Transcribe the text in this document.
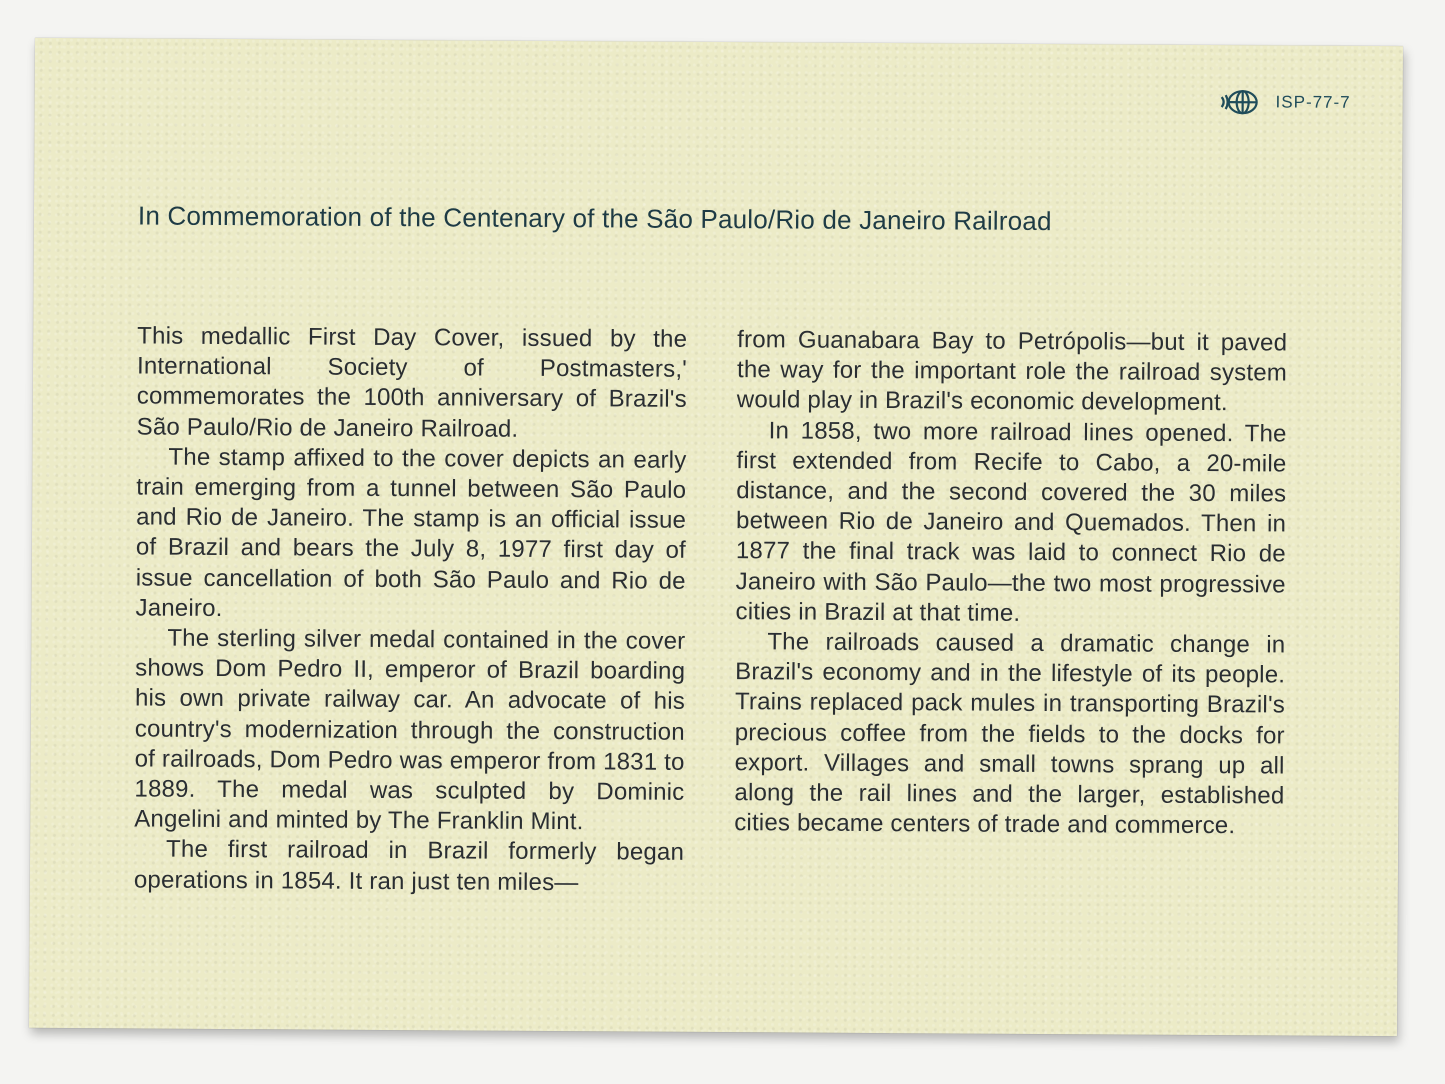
ISP-77-7
In Commemoration of the Centenary of the São Paulo/Rio de Janeiro Railroad

This medallic First Day Cover, issued by the International Society of Postmasters,' commemorates the 100th anniversary of Brazil's São Paulo/Rio de Janeiro Railroad.

The stamp affixed to the cover depicts an early train emerging from a tunnel between São Paulo and Rio de Janeiro. The stamp is an official issue of Brazil and bears the July 8, 1977 first day of issue cancellation of both São Paulo and Rio de Janeiro.

The sterling silver medal contained in the cover shows Dom Pedro II, emperor of Brazil boarding his own private railway car. An advocate of his country's modernization through the construction of railroads, Dom Pedro was emperor from 1831 to 1889. The medal was sculpted by Dominic Angelini and minted by The Franklin Mint.

The first railroad in Brazil formerly began operations in 1854. It ran just ten miles—

from Guanabara Bay to Petrópolis—but it paved the way for the important role the railroad system would play in Brazil's economic development.

In 1858, two more railroad lines opened. The first extended from Recife to Cabo, a 20-mile distance, and the second covered the 30 miles between Rio de Janeiro and Quemados. Then in 1877 the final track was laid to connect Rio de Janeiro with São Paulo—the two most progressive cities in Brazil at that time.

The railroads caused a dramatic change in Brazil's economy and in the lifestyle of its people. Trains replaced pack mules in transporting Brazil's precious coffee from the fields to the docks for export. Villages and small towns sprang up all along the rail lines and the larger, established cities became centers of trade and commerce.
